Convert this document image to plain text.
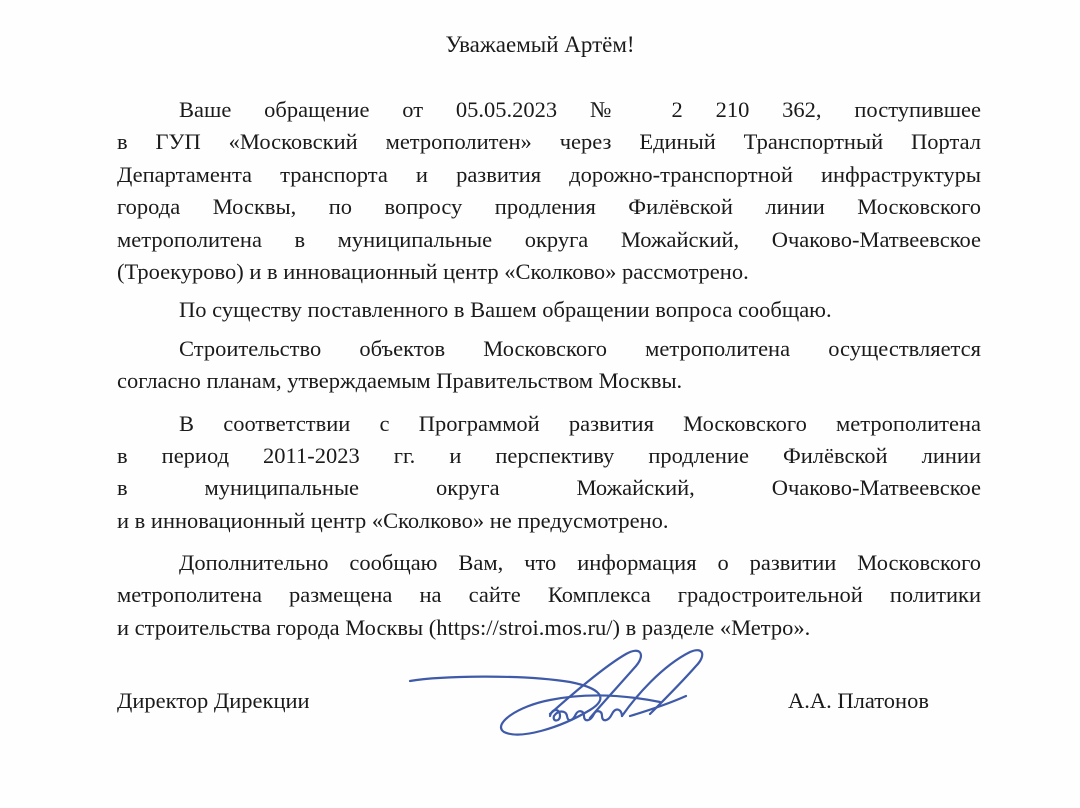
Уважаемый Артём!
Ваше обращение от 05.05.2023 № 2 210 362, поступившее
в ГУП «Московский метрополитен» через Единый Транспортный Портал
Департамента транспорта и развития дорожно-транспортной инфраструктуры
города Москвы, по вопросу продления Филёвской линии Московского
метрополитена в муниципальные округа Можайский, Очаково-Матвеевское
(Троекурово) и в инновационный центр «Сколково» рассмотрено.
По существу поставленного в Вашем обращении вопроса сообщаю.
Строительство объектов Московского метрополитена осуществляется
согласно планам, утверждаемым Правительством Москвы.
В соответствии с Программой развития Московского метрополитена
в период 2011-2023 гг. и перспективу продление Филёвской линии
в муниципальные округа Можайский, Очаково-Матвеевское
и в инновационный центр «Сколково» не предусмотрено.
Дополнительно сообщаю Вам, что информация о развитии Московского
метрополитена размещена на сайте Комплекса градостроительной политики
и строительства города Москвы (https://stroi.mos.ru/) в разделе «Метро».
Директор Дирекции	А.А. Платонов
